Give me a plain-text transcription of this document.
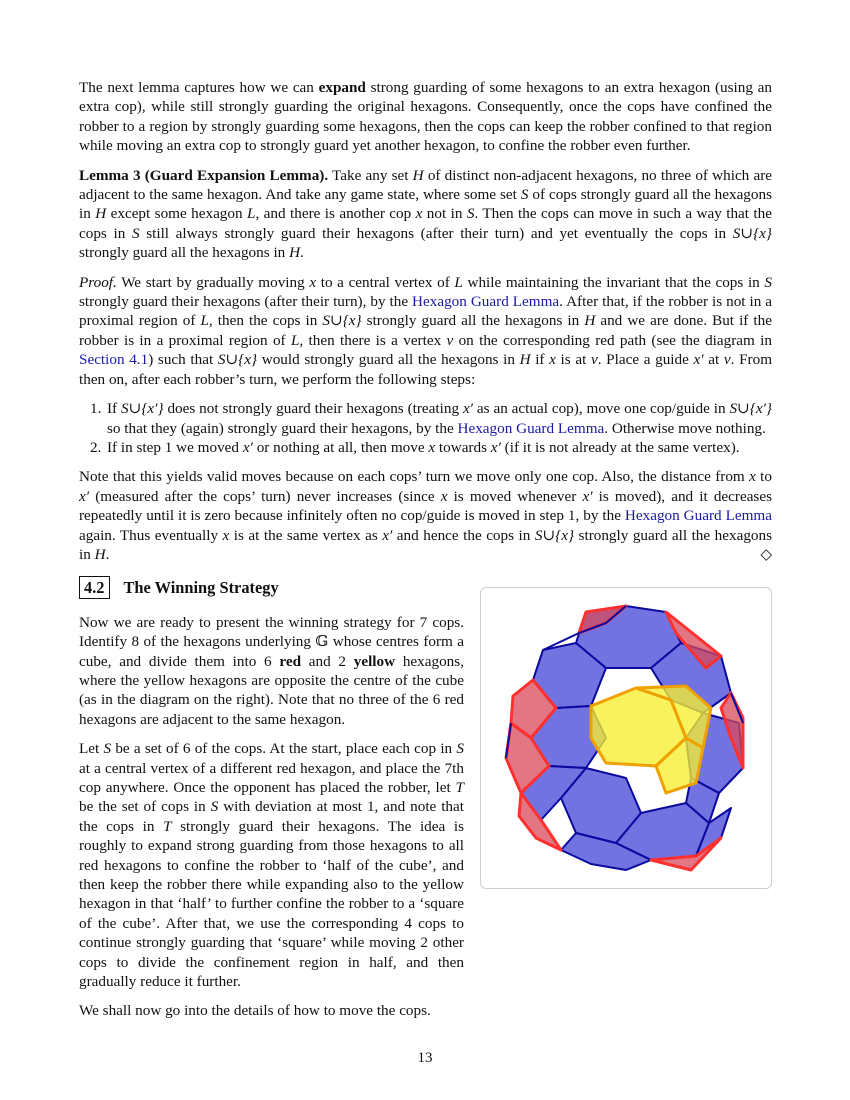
The next lemma captures how we can expand strong guarding of some hexagons to an extra hexagon (using an extra cop), while still strongly guarding the original hexagons. Consequently, once the cops have confined the robber to a region by strongly guarding some hexagons, then the cops can keep the robber confined to that region while moving an extra cop to strongly guard yet another hexagon, to confine the robber even further.

Lemma 3 (Guard Expansion Lemma). Take any set H of distinct non-adjacent hexagons, no three of which are adjacent to the same hexagon. And take any game state, where some set S of cops strongly guard all the hexagons in H except some hexagon L, and there is another cop x not in S. Then the cops can move in such a way that the cops in S still always strongly guard their hexagons (after their turn) and yet eventually the cops in S∪{x} strongly guard all the hexagons in H.

Proof. We start by gradually moving x to a central vertex of L while maintaining the invariant that the cops in S strongly guard their hexagons (after their turn), by the Hexagon Guard Lemma. After that, if the robber is not in a proximal region of L, then the cops in S∪{x} strongly guard all the hexagons in H and we are done. But if the robber is in a proximal region of L, then there is a vertex v on the corresponding red path (see the diagram in Section 4.1) such that S∪{x} would strongly guard all the hexagons in H if x is at v. Place a guide x′ at v. From then on, after each robber’s turn, we perform the following steps:

1. If S∪{x′} does not strongly guard their hexagons (treating x′ as an actual cop), move one cop/guide in S∪{x′} so that they (again) strongly guard their hexagons, by the Hexagon Guard Lemma. Otherwise move nothing.
2. If in step 1 we moved x′ or nothing at all, then move x towards x′ (if it is not already at the same vertex).

Note that this yields valid moves because on each cops’ turn we move only one cop. Also, the distance from x to x′ (measured after the cops’ turn) never increases (since x is moved whenever x′ is moved), and it decreases repeatedly until it is zero because infinitely often no cop/guide is moved in step 1, by the Hexagon Guard Lemma again. Thus eventually x is at the same vertex as x′ and hence the cops in S∪{x} strongly guard all the hexagons in H.	◇

4.2	The Winning Strategy

Now we are ready to present the winning strategy for 7 cops. Identify 8 of the hexagons underlying 𝔾 whose centres form a cube, and divide them into 6 red and 2 yellow hexagons, where the yellow hexagons are opposite the centre of the cube (as in the diagram on the right). Note that no three of the 6 red hexagons are adjacent to the same hexagon.

Let S be a set of 6 of the cops. At the start, place each cop in S at a central vertex of a different red hexagon, and place the 7th cop anywhere. Once the opponent has placed the robber, let T be the set of cops in S with deviation at most 1, and note that the cops in T strongly guard their hexagons. The idea is roughly to expand strong guarding from those hexagons to all red hexagons to confine the robber to ‘half of the cube’, and then keep the robber there while expanding also to the yellow hexagon in that ‘half’ to further confine the robber to a ‘square of the cube’. After that, we use the corresponding 4 cops to continue strongly guarding that ‘square’ while moving 2 other cops to divide the confinement region in half, and then gradually reduce it further.

We shall now go into the details of how to move the cops.

13
